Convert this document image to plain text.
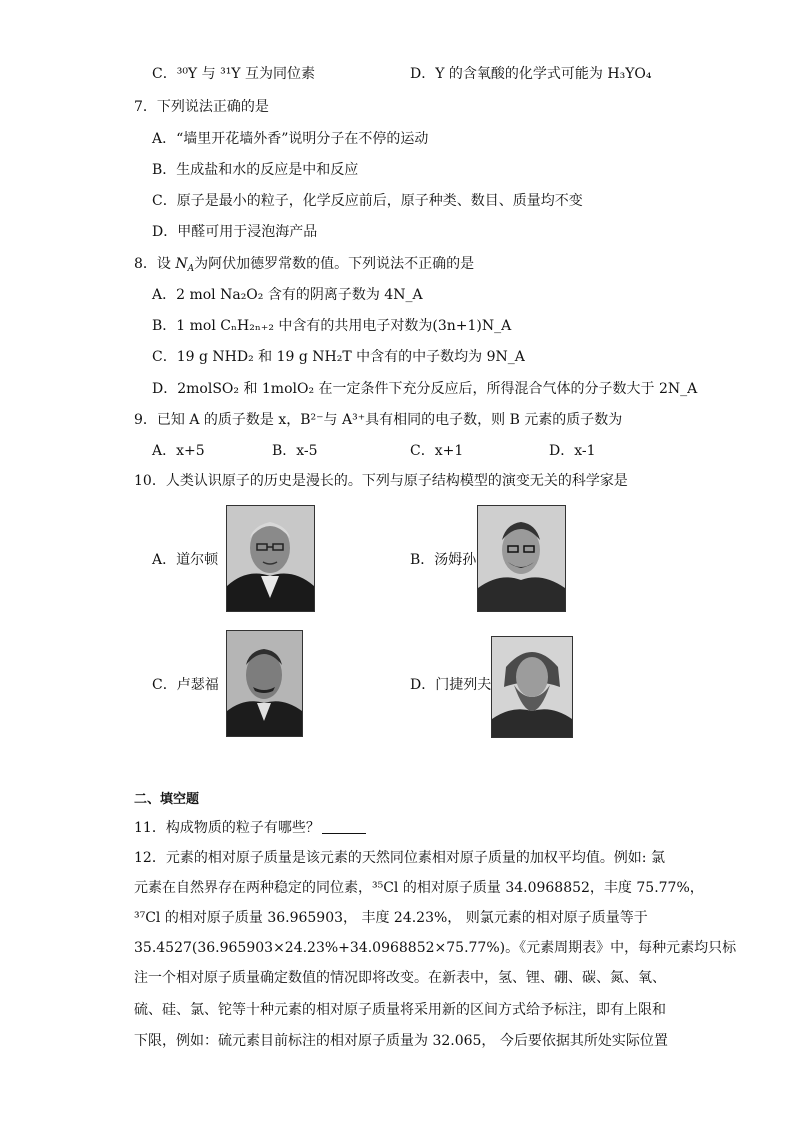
C．³⁰Y 与 ³¹Y 互为同位素	D．Y 的含氧酸的化学式可能为 H₃YO₄
7．下列说法正确的是
A．“墙里开花墙外香”说明分子在不停的运动
B．生成盐和水的反应是中和反应
C．原子是最小的粒子，化学反应前后，原子种类、数目、质量均不变
D．甲醛可用于浸泡海产品
8．设 $N_A$为阿伏加德罗常数的值。下列说法不正确的是
A．2 mol Na₂O₂ 含有的阴离子数为 4N_A
B．1 mol CₙH₂ₙ₊₂ 中含有的共用电子对数为(3n+1)N_A
C．19 g NHD₂ 和 19 g NH₂T 中含有的中子数均为 9N_A
D．2molSO₂ 和 1molO₂ 在一定条件下充分反应后，所得混合气体的分子数大于 2N_A
9．已知 A 的质子数是 x，B²⁻与 A³⁺具有相同的电子数，则 B 元素的质子数为
A．x+5	B．x-5	C．x+1	D．x-1
10．人类认识原子的历史是漫长的。下列与原子结构模型的演变无关的科学家是
A．道尔顿	B．汤姆孙
C．卢瑟福	D．门捷列夫
二、填空题
11．构成物质的粒子有哪些？
12．元素的相对原子质量是该元素的天然同位素相对原子质量的加权平均值。例如: 氯
元素在自然界存在两种稳定的同位素，³⁵Cl 的相对原子质量 34.0968852，丰度 75.77%，
³⁷Cl 的相对原子质量 36.965903， 丰度 24.23%， 则氯元素的相对原子质量等于
35.4527(36.965903×24.23%+34.0968852×75.77%)。《元素周期表》中，每种元素均只标
注一个相对原子质量确定数值的情况即将改变。在新表中，氢、锂、硼、碳、氮、氧、
硫、硅、氯、铊等十种元素的相对原子质量将采用新的区间方式给予标注，即有上限和
下限，例如：硫元素目前标注的相对原子质量为 32.065， 今后要依据其所处实际位置
